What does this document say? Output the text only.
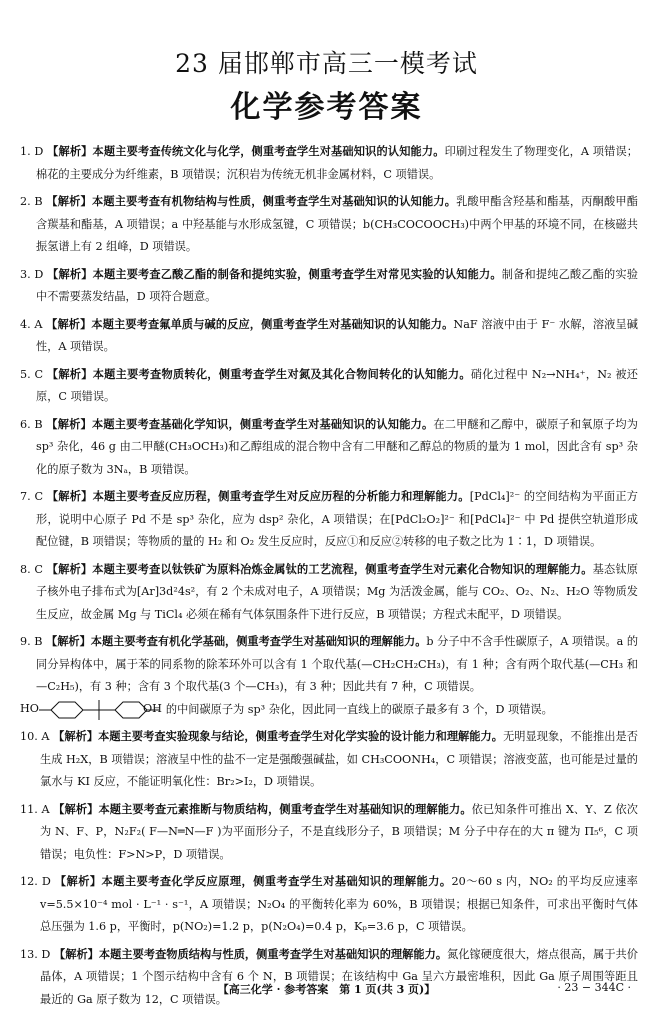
23 届邯郸市高三一模考试
化学参考答案

1. D 【解析】本题主要考查传统文化与化学，侧重考查学生对基础知识的认知能力。印刷过程发生了物理变化，A 项错误；棉花的主要成分为纤维素，B 项错误；沉积岩为传统无机非金属材料，C 项错误。

2. B 【解析】本题主要考查有机物结构与性质，侧重考查学生对基础知识的认知能力。乳酸甲酯含羟基和酯基，丙酮酸甲酯含羰基和酯基，A 项错误；a 中羟基能与水形成氢键，C 项错误；b(CH₃COCOOCH₃)中两个甲基的环境不同，在核磁共振氢谱上有 2 组峰，D 项错误。

3. D 【解析】本题主要考查乙酸乙酯的制备和提纯实验，侧重考查学生对常见实验的认知能力。制备和提纯乙酸乙酯的实验中不需要蒸发结晶，D 项符合题意。

4. A 【解析】本题主要考查氟单质与碱的反应，侧重考查学生对基础知识的认知能力。NaF 溶液中由于 F⁻ 水解，溶液呈碱性，A 项错误。

5. C 【解析】本题主要考查物质转化，侧重考查学生对氮及其化合物间转化的认知能力。硝化过程中 N₂→NH₄⁺，N₂ 被还原，C 项错误。

6. B 【解析】本题主要考查基础化学知识，侧重考查学生对基础知识的认知能力。在二甲醚和乙醇中，碳原子和氧原子均为 sp³ 杂化，46 g 由二甲醚(CH₃OCH₃)和乙醇组成的混合物中含有二甲醚和乙醇总的物质的量为 1 mol，因此含有 sp³ 杂化的原子数为 3Nₐ，B 项错误。

7. C 【解析】本题主要考查反应历程，侧重考查学生对反应历程的分析能力和理解能力。[PdCl₄]²⁻ 的空间结构为平面正方形，说明中心原子 Pd 不是 sp³ 杂化，应为 dsp² 杂化，A 项错误；在[PdCl₂O₂]²⁻ 和[PdCl₄]²⁻ 中 Pd 提供空轨道形成配位键，B 项错误；等物质的量的 H₂ 和 O₂ 发生反应时，反应①和反应②转移的电子数之比为 1∶1，D 项错误。

8. C 【解析】本题主要考查以钛铁矿为原料冶炼金属钛的工艺流程，侧重考查学生对元素化合物知识的理解能力。基态钛原子核外电子排布式为[Ar]3d²4s²，有 2 个未成对电子，A 项错误；Mg 为活泼金属，能与 CO₂、O₂、N₂、H₂O 等物质发生反应，故金属 Mg 与 TiCl₄ 必须在稀有气体氛围条件下进行反应，B 项错误；方程式未配平，D 项错误。

9. B 【解析】本题主要考查有机化学基础，侧重考查学生对基础知识的理解能力。b 分子中不含手性碳原子，A 项错误。a 的同分异构体中，属于苯的同系物的除苯环外可以含有 1 个取代基(—CH₂CH₂CH₃)，有 1 种；含有两个取代基(—CH₃ 和—C₂H₅)，有 3 种；含有 3 个取代基(3 个—CH₃)，有 3 种；因此共有 7 种，C 项错误。

HO	OH 的中间碳原子为 sp³ 杂化，因此同一直线上的碳原子最多有 3 个，D 项错误。

10. A 【解析】本题主要考查实验现象与结论，侧重考查学生对化学实验的设计能力和理解能力。无明显现象，不能推出是否生成 H₂X，B 项错误；溶液呈中性的盐不一定是强酸强碱盐，如 CH₃COONH₄，C 项错误；溶液变蓝，也可能是过量的氯水与 KI 反应，不能证明氧化性：Br₂>I₂，D 项错误。

11. A 【解析】本题主要考查元素推断与物质结构，侧重考查学生对基础知识的理解能力。依已知条件可推出 X、Y、Z 依次为 N、F、P，N₂F₂( F—N═N—F )为平面形分子，不是直线形分子，B 项错误；M 分子中存在的大 π 键为 Π₅⁶，C 项错误；电负性：F>N>P，D 项错误。

12. D 【解析】本题主要考查化学反应原理，侧重考查学生对基础知识的理解能力。20～60 s 内，NO₂ 的平均反应速率 v=5.5×10⁻⁴ mol · L⁻¹ · s⁻¹，A 项错误；N₂O₄ 的平衡转化率为 60%，B 项错误；根据已知条件，可求出平衡时气体总压强为 1.6 p，平衡时，p(NO₂)=1.2 p，p(N₂O₄)=0.4 p，Kₚ=3.6 p，C 项错误。

13. D 【解析】本题主要考查物质结构与性质，侧重考查学生对基础知识的理解能力。氮化镓硬度很大，熔点很高，属于共价晶体，A 项错误；1 个图示结构中含有 6 个 N，B 项错误；在该结构中 Ga 呈六方最密堆积，因此 Ga 原子周围等距且最近的 Ga 原子数为 12，C 项错误。

【高三化学 · 参考答案　第 1 页(共 3 页)】	· 23 − 344C ·
